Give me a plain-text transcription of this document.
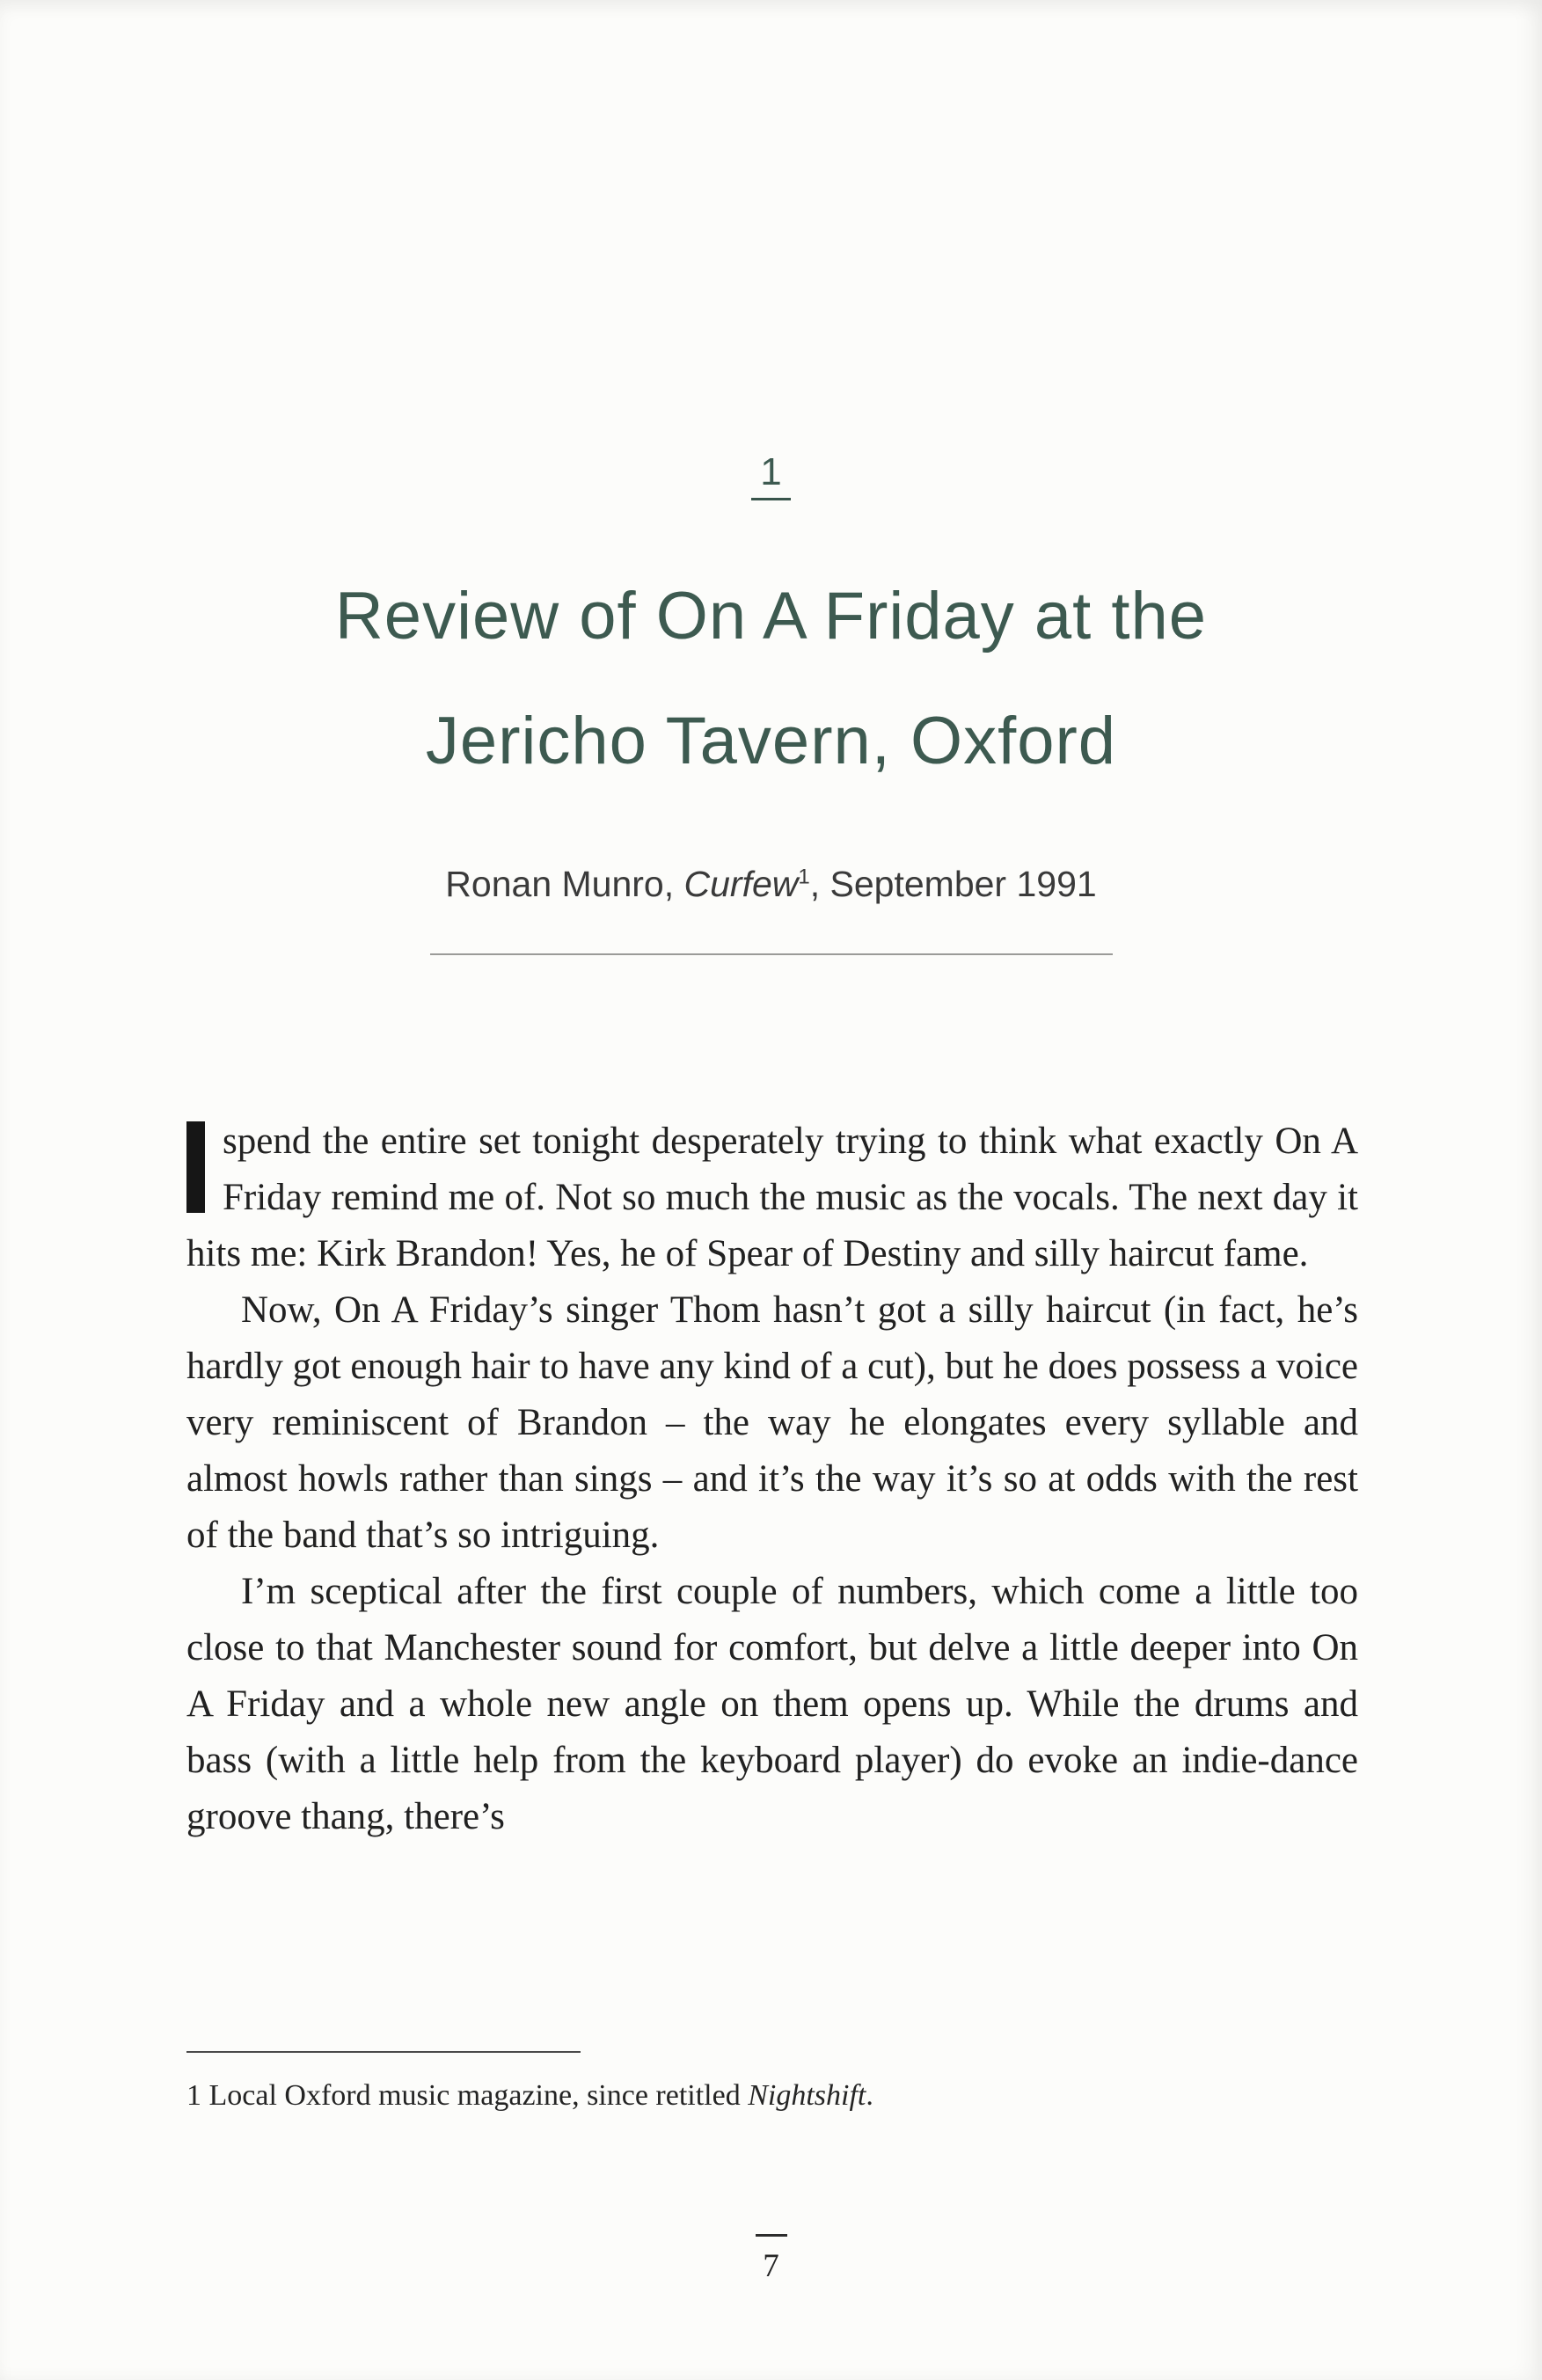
1
Review of On A Friday at the
Jericho Tavern, Oxford
Ronan Munro, Curfew$^1$, September 1991

spend the entire set tonight desperately trying to think what exactly On A Friday remind me of. Not so much the music as the vocals. The next day it hits me: Kirk Brandon! Yes, he of Spear of Destiny and silly haircut fame.

Now, On A Friday’s singer Thom hasn’t got a silly haircut (in fact, he’s hardly got enough hair to have any kind of a cut), but he does possess a voice very reminiscent of Brandon – the way he elongates every syllable and almost howls rather than sings – and it’s the way it’s so at odds with the rest of the band that’s so intriguing.

I’m sceptical after the first couple of numbers, which come a little too close to that Manchester sound for comfort, but delve a little deeper into On A Friday and a whole new angle on them opens up. While the drums and bass (with a little help from the keyboard player) do evoke an indie-dance groove thang, there’s

1 Local Oxford music magazine, since retitled Nightshift.
7
